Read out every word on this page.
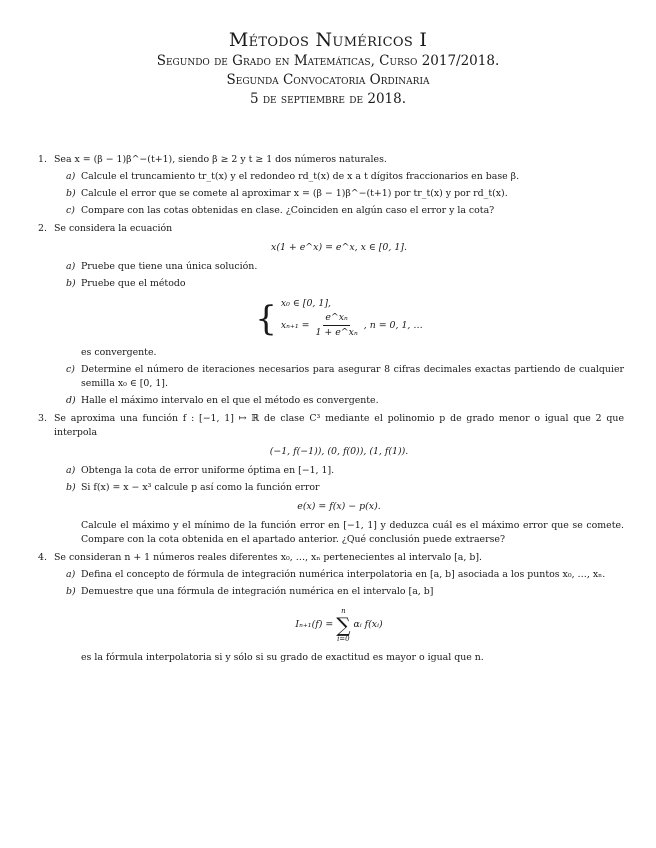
Métodos Numéricos I
Segundo de Grado en Matemáticas, Curso 2017/2018.
Segunda Convocatoria Ordinaria
5 de septiembre de 2018.
1. Sea x = (β − 1)β^−(t+1), siendo β ≥ 2 y t ≥ 1 dos números naturales.
a) Calcule el truncamiento tr_t(x) y el redondeo rd_t(x) de x a t dígitos fraccionarios en base β.
b) Calcule el error que se comete al aproximar x = (β − 1)β^−(t+1) por tr_t(x) y por rd_t(x).
c) Compare con las cotas obtenidas en clase. ¿Coinciden en algún caso el error y la cota?
2. Se considera la ecuación
x(1 + e^x) = e^x, x ∈ [0, 1].
a) Pruebe que tiene una única solución.
b) Pruebe que el método
{ x₀ ∈ [0, 1],
$x_{n+1} = \frac{\text{e\textasciicircum{}xₙ}}{\text{1 + e\textasciicircum{}xₙ}}$ , n = 0, 1, …
es convergente.
c) Determine el número de iteraciones necesarios para asegurar 8 cifras decimales exactas partiendo de cualquier semilla x₀ ∈ [0, 1].
d) Halle el máximo intervalo en el que el método es convergente.
3. Se aproxima una función f : [−1, 1] ↦ ℝ de clase C³ mediante el polinomio p de grado menor o igual que 2 que interpola
(−1, f(−1)), (0, f(0)), (1, f(1)).
a) Obtenga la cota de error uniforme óptima en [−1, 1].
b) Si f(x) = x − x³ calcule p así como la función error
e(x) = f(x) − p(x).
Calcule el máximo y el mínimo de la función error en [−1, 1] y deduzca cuál es el máximo error que se comete. Compare con la cota obtenida en el apartado anterior. ¿Qué conclusión puede extraerse?
4. Se consideran n + 1 números reales diferentes x₀, …, xₙ pertenecientes al intervalo [a, b].
a) Defina el concepto de fórmula de integración numérica interpolatoria en [a, b] asociada a los puntos x₀, …, xₙ.
b) Demuestre que una fórmula de integración numérica en el intervalo [a, b]
Iₙ₊₁(f) =
n
∑
i=0
αᵢ f(xᵢ)
es la fórmula interpolatoria si y sólo si su grado de exactitud es mayor o igual que n.
